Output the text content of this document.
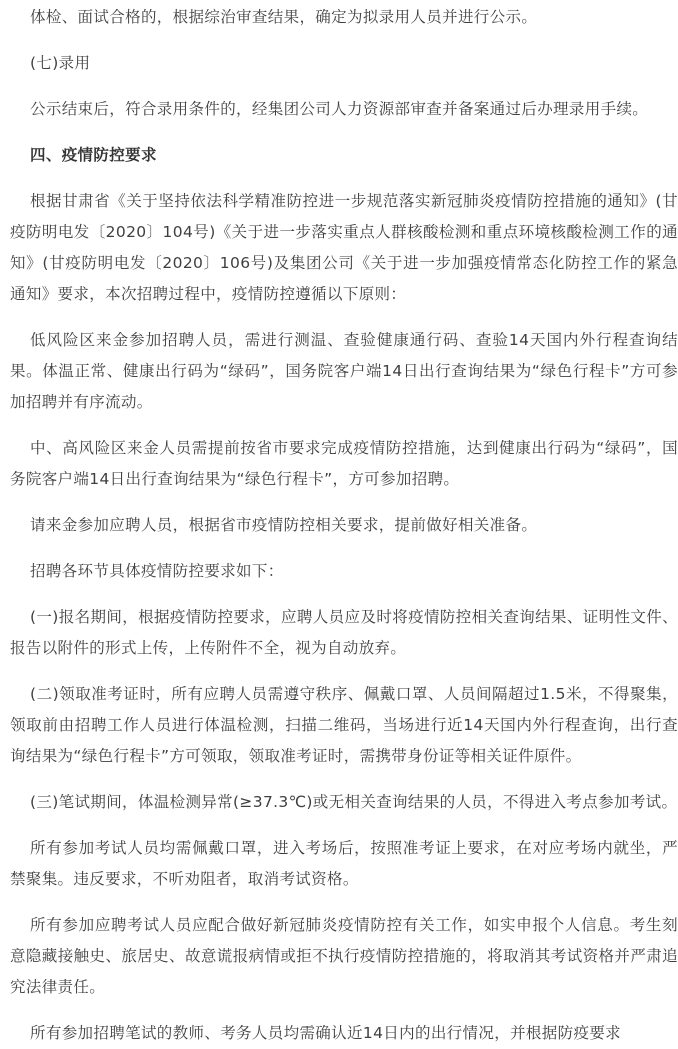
体检、面试合格的，根据综治审查结果，确定为拟录用人员并进行公示。

(七)录用

公示结束后，符合录用条件的，经集团公司人力资源部审查并备案通过后办理录用手续。

四、疫情防控要求

根据甘肃省《关于坚持依法科学精准防控进一步规范落实新冠肺炎疫情防控措施的通知》(甘疫防明电发〔2020〕104号)《关于进一步落实重点人群核酸检测和重点环境核酸检测工作的通知》(甘疫防明电发〔2020〕106号)及集团公司《关于进一步加强疫情常态化防控工作的紧急通知》要求，本次招聘过程中，疫情防控遵循以下原则：

低风险区来金参加招聘人员，需进行测温、查验健康通行码、查验14天国内外行程查询结果。体温正常、健康出行码为“绿码”，国务院客户端14日出行查询结果为“绿色行程卡”方可参加招聘并有序流动。

中、高风险区来金人员需提前按省市要求完成疫情防控措施，达到健康出行码为“绿码”，国务院客户端14日出行查询结果为“绿色行程卡”，方可参加招聘。

请来金参加应聘人员，根据省市疫情防控相关要求，提前做好相关准备。

招聘各环节具体疫情防控要求如下：

(一)报名期间，根据疫情防控要求，应聘人员应及时将疫情防控相关查询结果、证明性文件、报告以附件的形式上传，上传附件不全，视为自动放弃。

(二)领取准考证时，所有应聘人员需遵守秩序、佩戴口罩、人员间隔超过1.5米，不得聚集，领取前由招聘工作人员进行体温检测，扫描二维码，当场进行近14天国内外行程查询，出行查询结果为“绿色行程卡”方可领取，领取准考证时，需携带身份证等相关证件原件。

(三)笔试期间，体温检测异常(≥37.3℃)或无相关查询结果的人员，不得进入考点参加考试。

所有参加考试人员均需佩戴口罩，进入考场后，按照准考证上要求，在对应考场内就坐，严禁聚集。违反要求，不听劝阻者，取消考试资格。

所有参加应聘考试人员应配合做好新冠肺炎疫情防控有关工作，如实申报个人信息。考生刻意隐藏接触史、旅居史、故意谎报病情或拒不执行疫情防控措施的，将取消其考试资格并严肃追究法律责任。

所有参加招聘笔试的教师、考务人员均需确认近14日内的出行情况，并根据防疫要求
